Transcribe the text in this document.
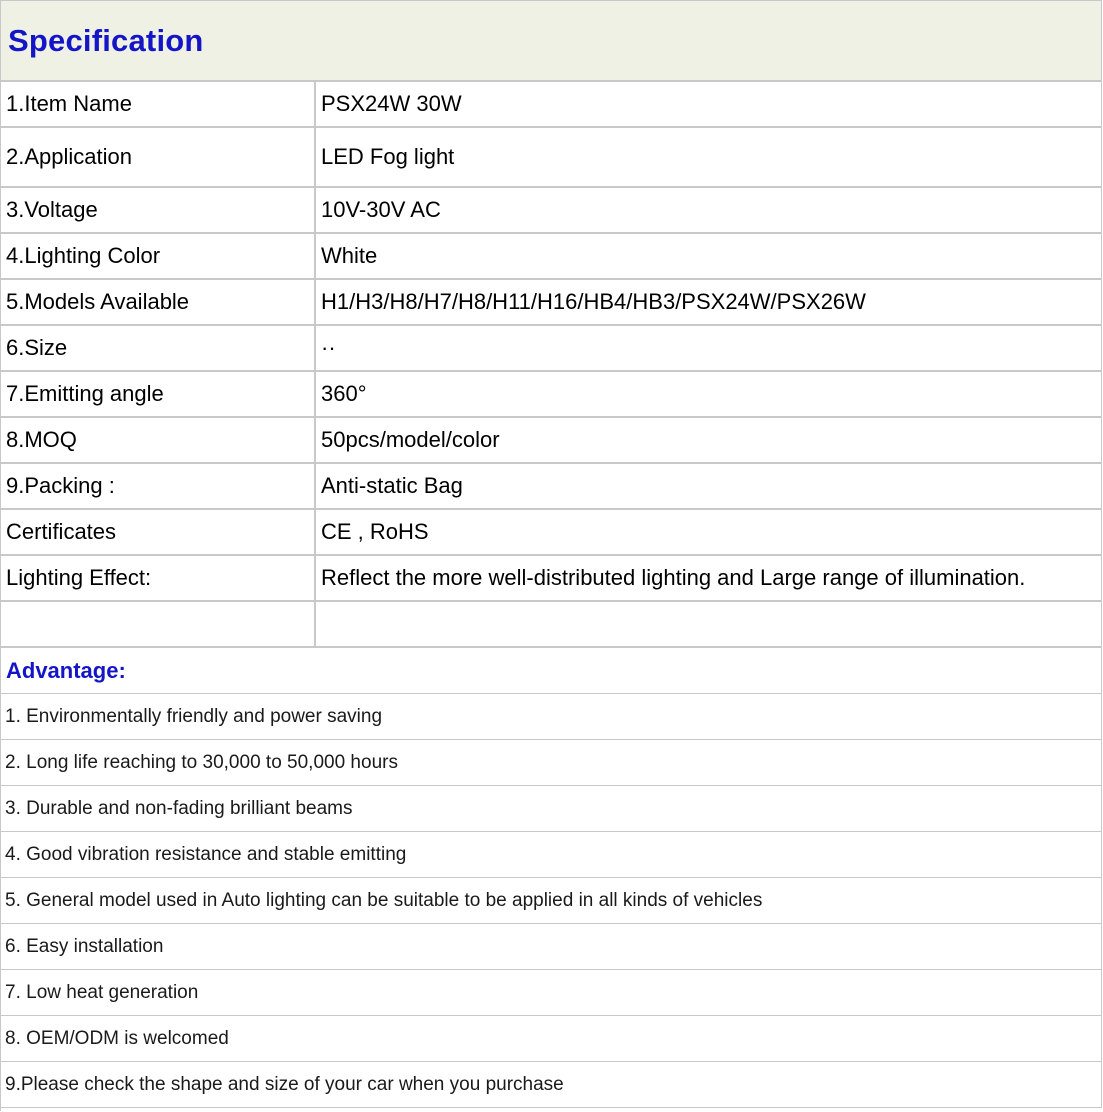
Specification
1.Item Name	PSX24W 30W
2.Application	LED Fog light
3.Voltage	10V-30V AC
4.Lighting Color	White
5.Models Available	H1/H3/H8/H7/H8/H11/H16/HB4/HB3/PSX24W/PSX26W
6.Size	··
7.Emitting angle	360°
8.MOQ	50pcs/model/color
9.Packing :	Anti-static Bag
Certificates	CE , RoHS
Lighting Effect:	Reflect the more well-distributed lighting and Large range of illumination.
Advantage:
1. Environmentally friendly and power saving
2. Long life reaching to 30,000 to 50,000 hours
3. Durable and non-fading brilliant beams
4. Good vibration resistance and stable emitting
5. General model used in Auto lighting can be suitable to be applied in all kinds of vehicles
6. Easy installation
7. Low heat generation
8. OEM/ODM is welcomed
9.Please check the shape and size of your car when you purchase
